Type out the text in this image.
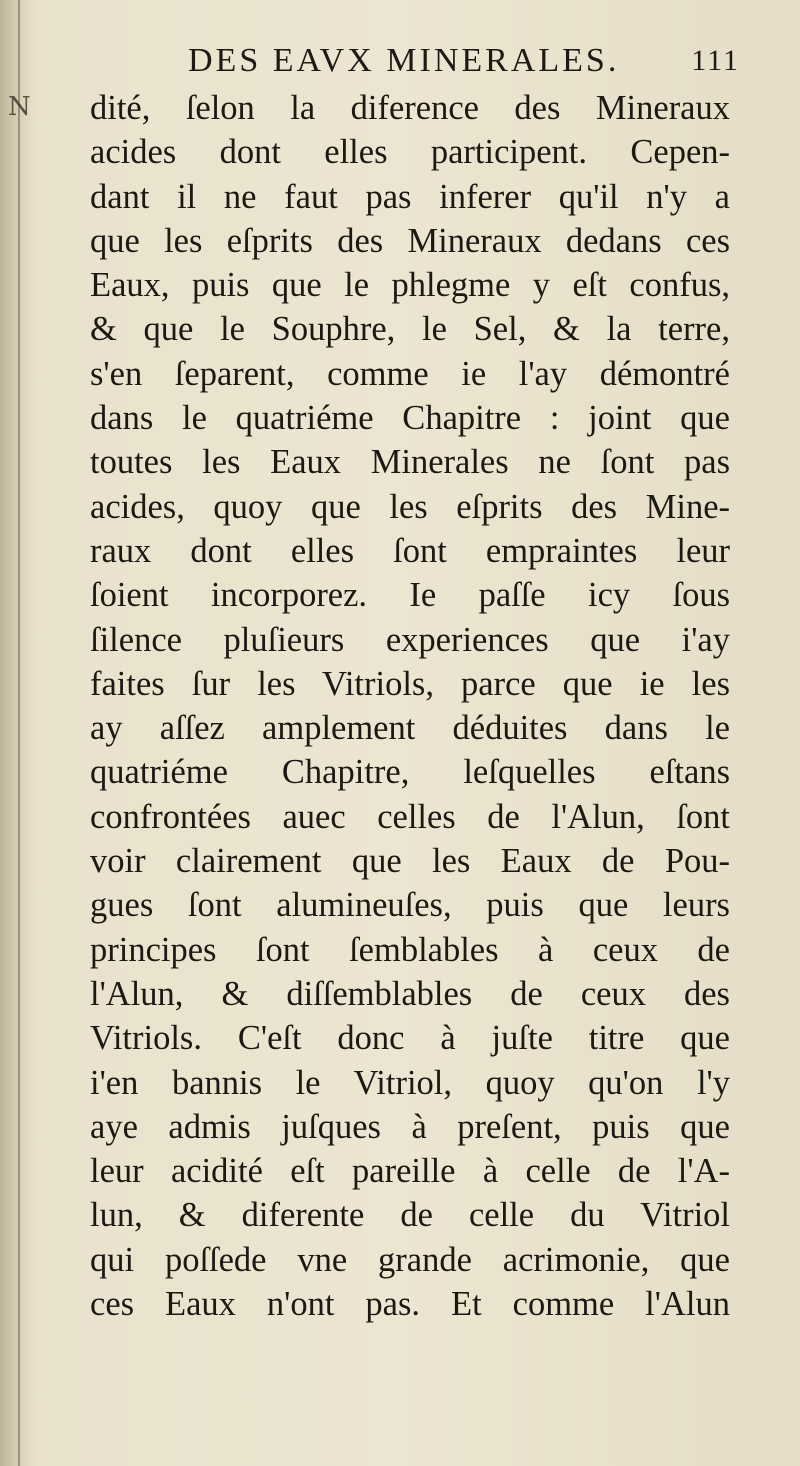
N
DES EAVX MINERALES. 111
dité, ſelon la diference des Mineraux
acides dont elles participent. Cepen-
dant il ne faut pas inferer qu'il n'y a
que les eſprits des Mineraux dedans ces
Eaux, puis que le phlegme y eſt confus,
& que le Souphre, le Sel, & la terre,
s'en ſeparent, comme ie l'ay démontré
dans le quatriéme Chapitre : joint que
toutes les Eaux Minerales ne ſont pas
acides, quoy que les eſprits des Mine-
raux dont elles ſont empraintes leur
ſoient incorporez. Ie paſſe icy ſous
ſilence pluſieurs experiences que i'ay
faites ſur les Vitriols, parce que ie les
ay aſſez amplement déduites dans le
quatriéme Chapitre, leſquelles eſtans
confrontées auec celles de l'Alun, ſont
voir clairement que les Eaux de Pou-
gues ſont alumineuſes, puis que leurs
principes ſont ſemblables à ceux de
l'Alun, & diſſemblables de ceux des
Vitriols. C'eſt donc à juſte titre que
i'en bannis le Vitriol, quoy qu'on l'y
aye admis juſques à preſent, puis que
leur acidité eſt pareille à celle de l'A-
lun, & diferente de celle du Vitriol
qui poſſede vne grande acrimonie, que
ces Eaux n'ont pas. Et comme l'Alun
